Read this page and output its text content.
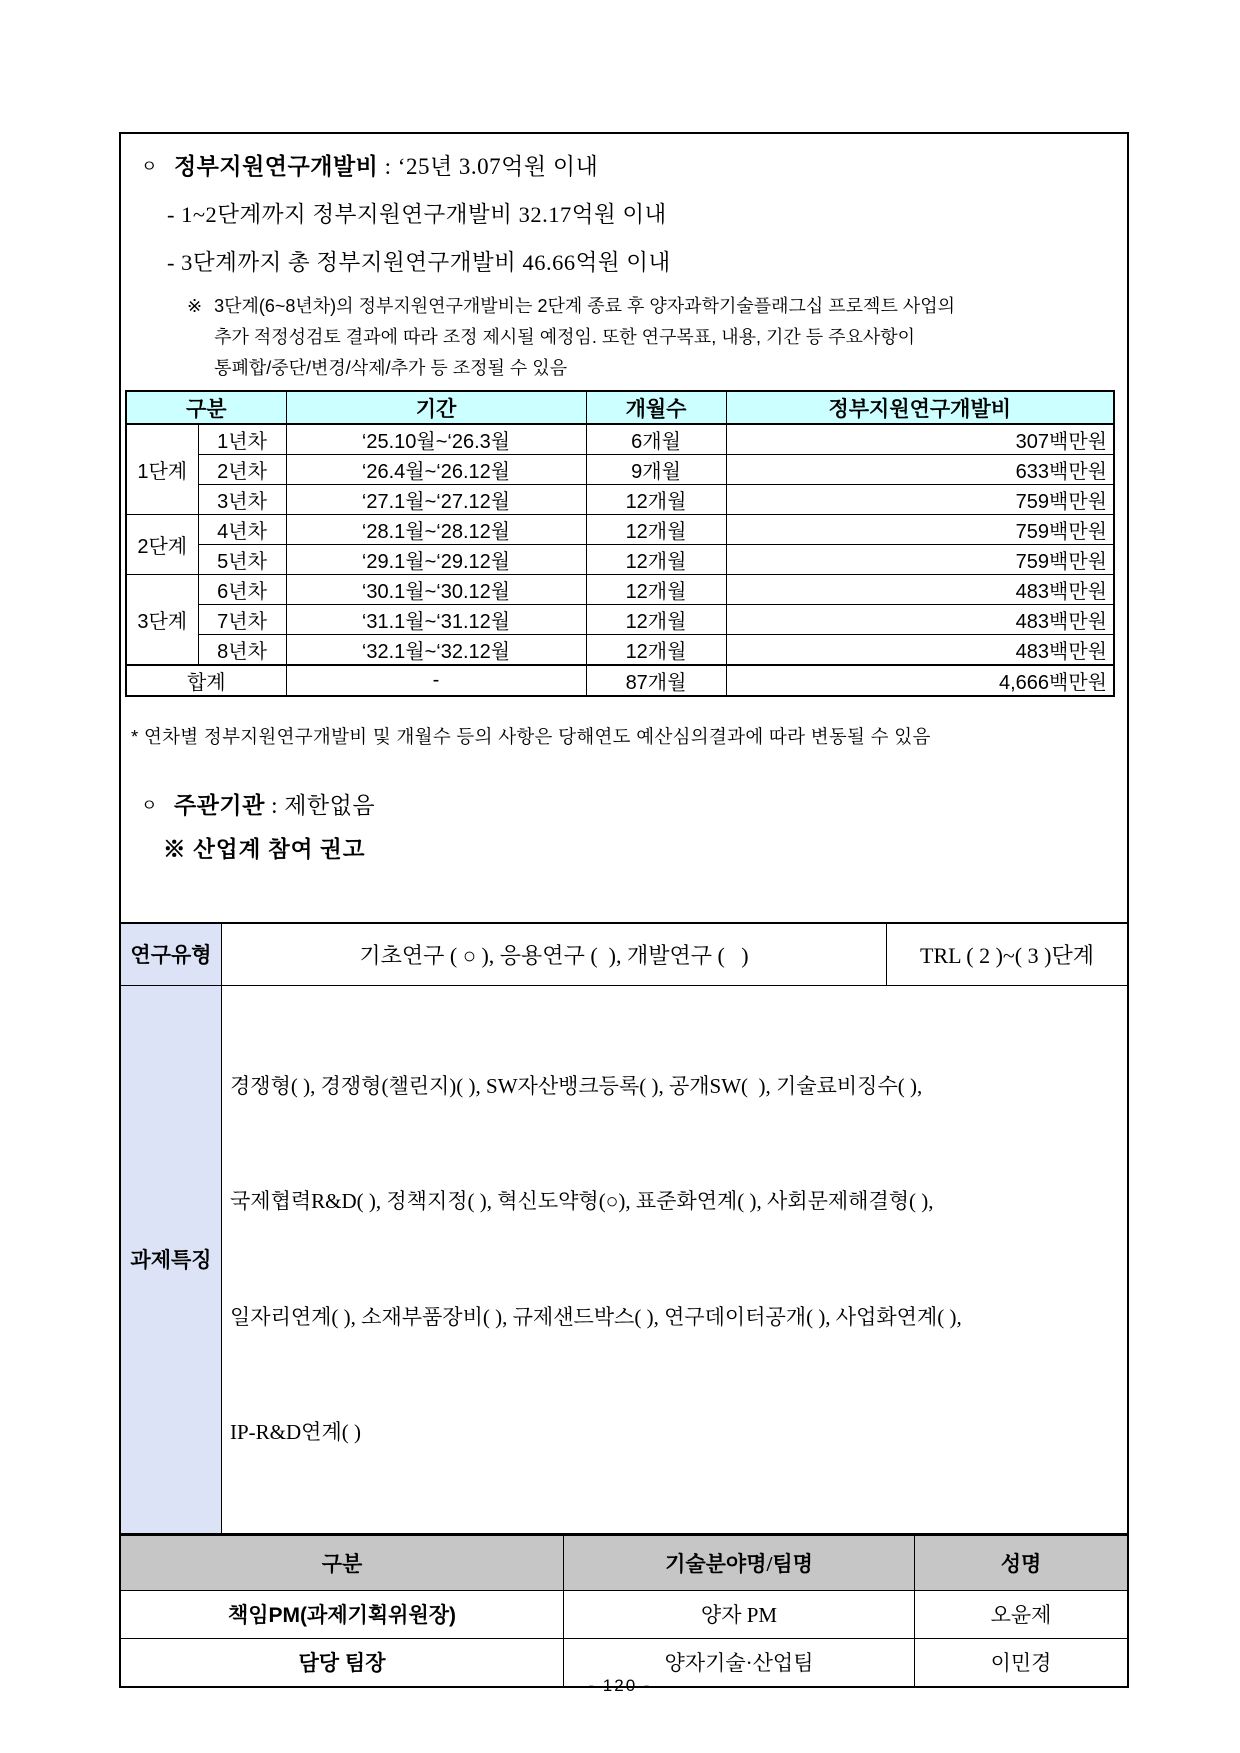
ㅇ 정부지원연구개발비 : ‘25년 3.07억원 이내
- 1~2단계까지 정부지원연구개발비 32.17억원 이내
- 3단계까지 총 정부지원연구개발비 46.66억원 이내
※ 3단계(6~8년차)의 정부지원연구개발비는 2단계 종료 후 양자과학기술플래그십 프로젝트 사업의
추가 적정성검토 결과에 따라 조정 제시될 예정임. 또한 연구목표, 내용, 기간 등 주요사항이
통폐합/중단/변경/삭제/추가 등 조정될 수 있음
구분		기간	개월수	정부지원연구개발비
1단계	1년차	‘25.10월~‘26.3월	6개월	307백만원
	2년차	‘26.4월~‘26.12월	9개월	633백만원
	3년차	‘27.1월~‘27.12월	12개월	759백만원
2단계	4년차	‘28.1월~‘28.12월	12개월	759백만원
	5년차	‘29.1월~‘29.12월	12개월	759백만원
3단계	6년차	‘30.1월~‘30.12월	12개월	483백만원
	7년차	‘31.1월~‘31.12월	12개월	483백만원
	8년차	‘32.1월~‘32.12월	12개월	483백만원
합계		-	87개월	4,666백만원
* 연차별 정부지원연구개발비 및 개월수 등의 사항은 당해연도 예산심의결과에 따라 변동될 수 있음
ㅇ 주관기관 : 제한없음
※ 산업계 참여 권고
연구유형	기초연구 ( ○ ), 응용연구 (  ), 개발연구 (   )	TRL ( 2 )~( 3 )단계
과제특징	경쟁형( ), 경쟁형(챌린지)( ), SW자산뱅크등록( ), 공개SW(  ), 기술료비징수( ),

국제협력R&D( ), 정책지정( ), 혁신도약형(○), 표준화연계( ), 사회문제해결형( ),

일자리연계( ), 소재부품장비( ), 규제샌드박스( ), 연구데이터공개( ), 사업화연계( ),

IP-R&D연계( )	

구분	기술분야명/팀명	성명
책임PM(과제기획위원장)	양자 PM	오윤제
담당 팀장	양자기술·산업팀	이민경
- 120 -
